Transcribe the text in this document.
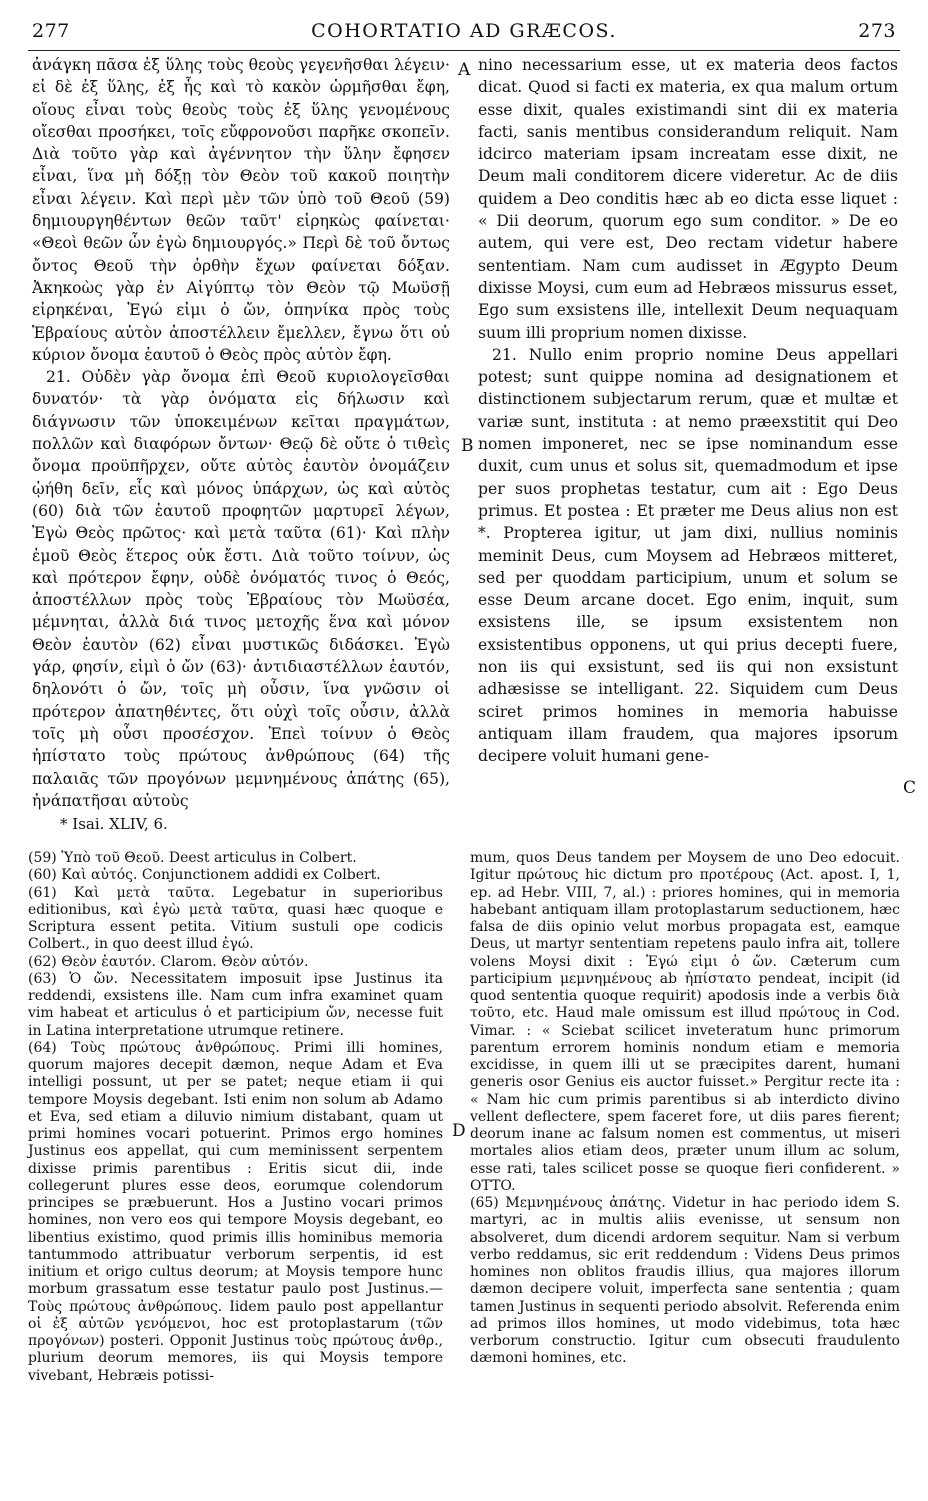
277	COHORTATIO AD GRÆCOS.	273

ἀνάγκη πᾶσα ἐξ ὕλης τοὺς θεοὺς γεγενῆσθαι λέγειν· εἰ δὲ ἐξ ὕλης, ἐξ ἧς καὶ τὸ κακὸν ὡρμῆσθαι ἔφη, οἵους εἶναι τοὺς θεοὺς τοὺς ἐξ ὕλης γενομένους οἴεσθαι προσήκει, τοῖς εὔφρονοῦσι παρῆκε σκοπεῖν. Διὰ τοῦτο γὰρ καὶ ἀγέννητον τὴν ὕλην ἔφησεν εἶναι, ἵνα μὴ δόξῃ τὸν Θεὸν τοῦ κακοῦ ποιητὴν εἶναι λέγειν. Καὶ περὶ μὲν τῶν ὑπὸ τοῦ Θεοῦ (59) δημιουργηθέντων θεῶν ταῦτ' εἰρηκὼς φαίνεται· «Θεοὶ θεῶν ὧν ἐγὼ δημιουργός.» Περὶ δὲ τοῦ ὄντως ὄντος Θεοῦ τὴν ὀρθὴν ἔχων φαίνεται δόξαν. Ἀκηκοὼς γὰρ ἐν Αἰγύπτῳ τὸν Θεὸν τῷ Μωϋσῇ εἰρηκέναι, Ἐγώ εἰμι ὁ ὤν, ὁπηνίκα πρὸς τοὺς Ἑβραίους αὐτὸν ἀποστέλλειν ἔμελλεν, ἔγνω ὅτι οὐ κύριον ὄνομα ἑαυτοῦ ὁ Θεὸς πρὸς αὐτὸν ἔφη.

21. Οὐδὲν γὰρ ὄνομα ἐπὶ Θεοῦ κυριολογεῖσθαι δυνατόν· τὰ γὰρ ὀνόματα εἰς δήλωσιν καὶ διάγνωσιν τῶν ὑποκειμένων κεῖται πραγμάτων, πολλῶν καὶ διαφόρων ὄντων· Θεῷ δὲ οὔτε ὁ τιθεὶς ὄνομα προϋπῆρχεν, οὔτε αὐτὸς ἑαυτὸν ὀνομάζειν ᾠήθη δεῖν, εἷς καὶ μόνος ὑπάρχων, ὡς καὶ αὐτὸς (60) διὰ τῶν ἑαυτοῦ προφητῶν μαρτυρεῖ λέγων, Ἐγὼ Θεὸς πρῶτος· καὶ μετὰ ταῦτα (61)· Καὶ πλὴν ἐμοῦ Θεὸς ἕτερος οὐκ ἔστι. Διὰ τοῦτο τοίνυν, ὡς καὶ πρότερον ἔφην, οὐδὲ ὀνόματός τινος ὁ Θεός, ἀποστέλλων πρὸς τοὺς Ἑβραίους τὸν Μωϋσέα, μέμνηται, ἀλλὰ διά τινος μετοχῆς ἕνα καὶ μόνον Θεὸν ἑαυτὸν (62) εἶναι μυστικῶς διδάσκει. Ἐγὼ γάρ, φησίν, εἰμὶ ὁ ὤν (63)· ἀντιδιαστέλλων ἑαυτόν, δηλονότι ὁ ὤν, τοῖς μὴ οὖσιν, ἵνα γνῶσιν οἱ πρότερον ἀπατηθέντες, ὅτι οὐχὶ τοῖς οὖσιν, ἀλλὰ τοῖς μὴ οὖσι προσέσχον. Ἐπεὶ τοίνυν ὁ Θεὸς ἠπίστατο τοὺς πρώτους ἀνθρώπους (64) τῆς παλαιᾶς τῶν προγόνων μεμνημένους ἀπάτης (65), ἠνάπατῆσαι αὐτοὺς

A
B
C
D

nino necessarium esse, ut ex materia deos factos dicat. Quod si facti ex materia, ex qua malum ortum esse dixit, quales existimandi sint dii ex materia facti, sanis mentibus considerandum reliquit. Nam idcirco materiam ipsam increatam esse dixit, ne Deum mali conditorem dicere videretur. Ac de diis quidem a Deo conditis hæc ab eo dicta esse liquet : « Dii deorum, quorum ego sum conditor. » De eo autem, qui vere est, Deo rectam videtur habere sententiam. Nam cum audisset in Ægypto Deum dixisse Moysi, cum eum ad Hebræos missurus esset, Ego sum exsistens ille, intellexit Deum nequaquam suum illi proprium nomen dixisse.

21. Nullo enim proprio nomine Deus appellari potest; sunt quippe nomina ad designationem et distinctionem subjectarum rerum, quæ et multæ et variæ sunt, instituta : at nemo præexstitit qui Deo nomen imponeret, nec se ipse nominandum esse duxit, cum unus et solus sit, quemadmodum et ipse per suos prophetas testatur, cum ait : Ego Deus primus. Et postea : Et præter me Deus alius non est *. Propterea igitur, ut jam dixi, nullius nominis meminit Deus, cum Moysem ad Hebræos mitteret, sed per quoddam participium, unum et solum se esse Deum arcane docet. Ego enim, inquit, sum exsistens ille, se ipsum exsistentem non exsistentibus opponens, ut qui prius decepti fuere, non iis qui exsistunt, sed iis qui non exsistunt adhæsisse se intelligant. 22. Siquidem cum Deus sciret primos homines in memoria habuisse antiquam illam fraudem, qua majores ipsorum decipere voluit humani gene-

* Isai. XLIV, 6.

(59) Ὑπὸ τοῦ Θεοῦ. Deest articulus in Colbert.

(60) Καὶ αὐτός. Conjunctionem addidi ex Colbert.

(61) Καὶ μετὰ ταῦτα. Legebatur in superioribus editionibus, καὶ ἐγὼ μετὰ ταῦτα, quasi hæc quoque e Scriptura essent petita. Vitium sustuli ope codicis Colbert., in quo deest illud ἐγώ.

(62) Θεὸν ἑαυτόν. Clarom. Θεὸν αὐτόν.

(63) Ὁ ὤν. Necessitatem imposuit ipse Justinus ita reddendi, exsistens ille. Nam cum infra examinet quam vim habeat et articulus ὁ et participium ὤν, necesse fuit in Latina interpretatione utrumque retinere.

(64) Τοὺς πρώτους ἀνθρώπους. Primi illi homines, quorum majores decepit dæmon, neque Adam et Eva intelligi possunt, ut per se patet; neque etiam ii qui tempore Moysis degebant. Isti enim non solum ab Adamo et Eva, sed etiam a diluvio nimium distabant, quam ut primi homines vocari potuerint. Primos ergo homines Justinus eos appellat, qui cum meminissent serpentem dixisse primis parentibus : Eritis sicut dii, inde collegerunt plures esse deos, eorumque colendorum principes se præbuerunt. Hos a Justino vocari primos homines, non vero eos qui tempore Moysis degebant, eo libentius existimo, quod primis illis hominibus memoria tantummodo attribuatur verborum serpentis, id est initium et origo cultus deorum; at Moysis tempore hunc morbum grassatum esse testatur paulo post Justinus.—Τοὺς πρώτους ἀνθρώπους. Iidem paulo post appellantur οἱ ἐξ αὐτῶν γενόμενοι, hoc est protoplastarum (τῶν προγόνων) posteri. Opponit Justinus τοὺς πρώτους ἀνθρ., plurium deorum memores, iis qui Moysis tempore vivebant, Hebræis potissi-

mum, quos Deus tandem per Moysem de uno Deo edocuit. Igitur πρώτους hic dictum pro προτέρους (Act. apost. I, 1, ep. ad Hebr. VIII, 7, al.) : priores homines, qui in memoria habebant antiquam illam protoplastarum seductionem, hæc falsa de diis opinio velut morbus propagata est, eamque Deus, ut martyr sententiam repetens paulo infra ait, tollere volens Moysi dixit : Ἐγώ εἰμι ὁ ὤν. Cæterum cum participium μεμνημένους ab ἠπίστατο pendeat, incipit (id quod sententia quoque requirit) apodosis inde a verbis διὰ τοῦτο, etc. Haud male omissum est illud πρώτους in Cod. Vimar. : « Sciebat scilicet inveteratum hunc primorum parentum errorem hominis nondum etiam e memoria excidisse, in quem illi ut se præcipites darent, humani generis osor Genius eis auctor fuisset.» Pergitur recte ita : « Nam hic cum primis parentibus si ab interdicto divino vellent deflectere, spem faceret fore, ut diis pares fierent; deorum inane ac falsum nomen est commentus, ut miseri mortales alios etiam deos, præter unum illum ac solum, esse rati, tales scilicet posse se quoque fieri confiderent. » OTTO.

(65) Μεμνημένους ἀπάτης. Videtur in hac periodo idem S. martyri, ac in multis aliis evenisse, ut sensum non absolveret, dum dicendi ardorem sequitur. Nam si verbum verbo reddamus, sic erit reddendum : Videns Deus primos homines non oblitos fraudis illius, qua majores illorum dæmon decipere voluit, imperfecta sane sententia ; quam tamen Justinus in sequenti periodo absolvit. Referenda enim ad primos illos homines, ut modo videbimus, tota hæc verborum constructio. Igitur cum obsecuti fraudulento dæmoni homines, etc.
